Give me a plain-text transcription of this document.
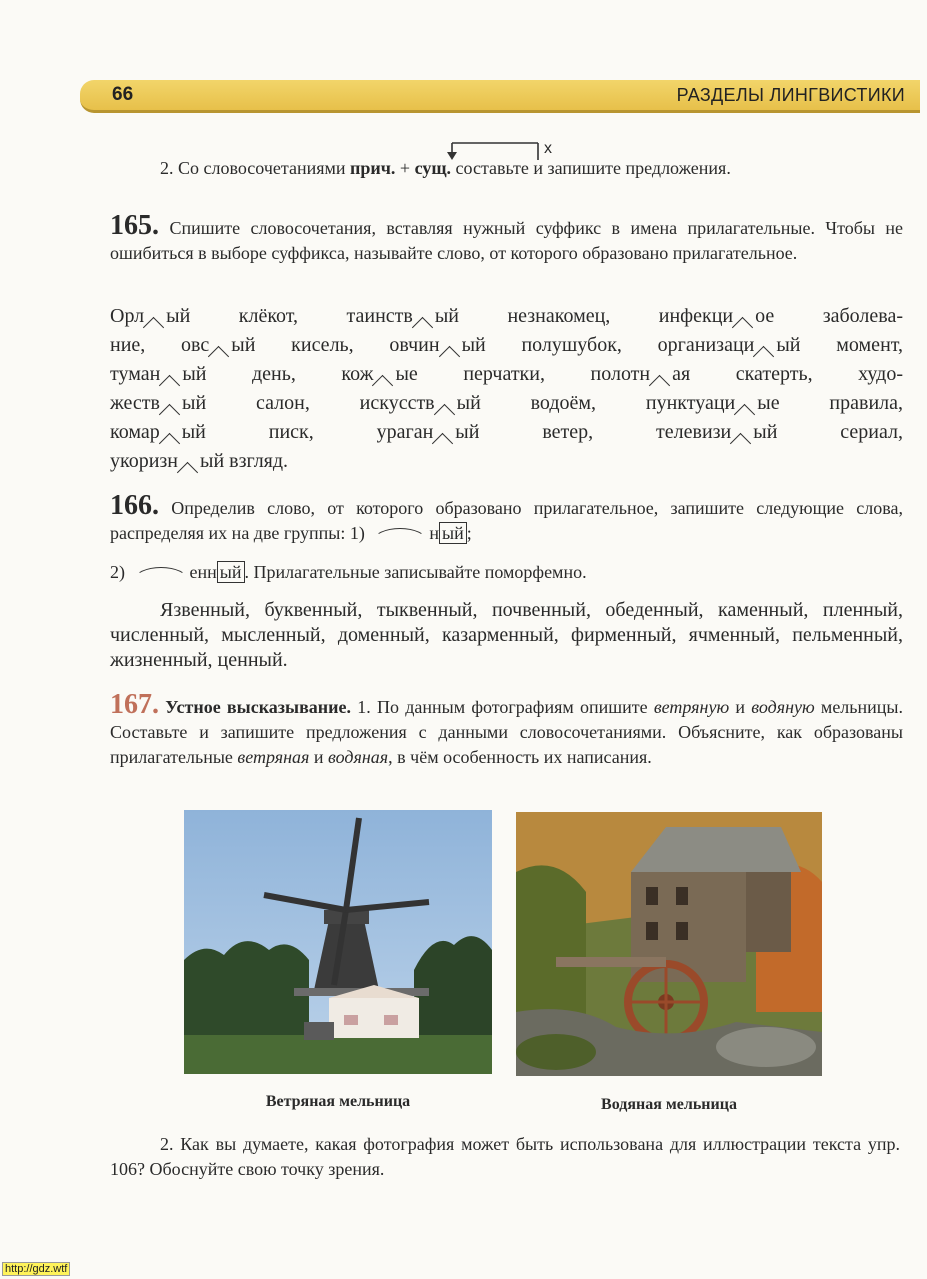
66	РАЗДЕЛЫ ЛИНГВИСТИКИ
x
2. Со словосочетаниями прич. + сущ. составьте и запишите предложения.
165. Спишите словосочетания, вставляя нужный суффикс в имена прилагательные. Чтобы не ошибиться в выборе суффикса, называйте слово, от которого образовано прилагательное.
Орл ый клёкот, таинств ый незнакомец, инфекци ое заболева-
ние, овс ый кисель, овчин ый полушубок, организаци ый момент,
туман ый день, кож ые перчатки, полотн ая скатерть, худо-
жеств ый салон, искусств ый водоём, пунктуаци ые правила,
комар ый писк, ураган ый ветер, телевизи ый сериал,
укоризн ый взгляд.
166. Определив слово, от которого образовано прилагательное, запишите следующие слова, распределяя их на две группы: 1)	н ый ;
2)	енн ый . Прилагательные записывайте поморфемно.
Язвенный, буквенный, тыквенный, почвенный, обеденный, каменный, пленный, численный, мысленный, доменный, казарменный, фирменный, ячменный, пельменный, жизненный, ценный.
167. Устное высказывание. 1. По данным фотографиям опишите ветряную и водяную мельницы. Составьте и запишите предложения с данными словосочетаниями. Объясните, как образованы прилагательные ветряная и водяная, в чём особенность их написания.
Ветряная мельница	Водяная мельница
2. Как вы думаете, какая фотография может быть использована для иллюстрации текста упр. 106? Обоснуйте свою точку зрения.
http://gdz.wtf
